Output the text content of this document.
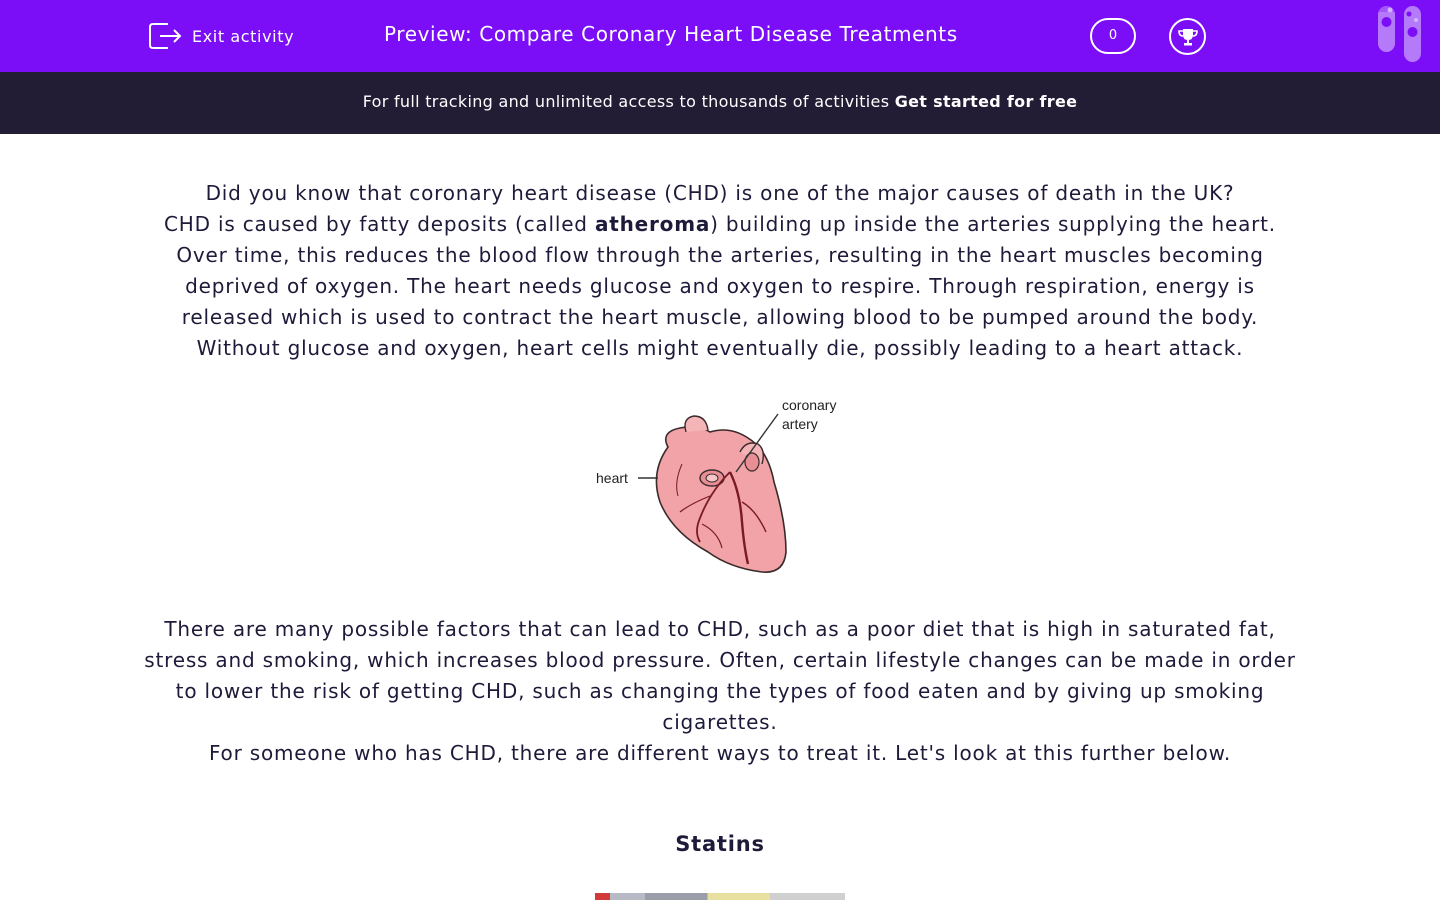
Exit activity	Preview: Compare Coronary Heart Disease Treatments	0
For full tracking and unlimited access to thousands of activities Get started for free

Did you know that coronary heart disease (CHD) is one of the major causes of death in the UK?

CHD is caused by fatty deposits (called atheroma) building up inside the arteries supplying the heart. Over time, this reduces the blood flow through the arteries, resulting in the heart muscles becoming deprived of oxygen. The heart needs glucose and oxygen to respire. Through respiration, energy is released which is used to contract the heart muscle, allowing blood to be pumped around the body. Without glucose and oxygen, heart cells might eventually die, possibly leading to a heart attack.

heart
coronary
artery

There are many possible factors that can lead to CHD, such as a poor diet that is high in saturated fat, stress and smoking, which increases blood pressure. Often, certain lifestyle changes can be made in order to lower the risk of getting CHD, such as changing the types of food eaten and by giving up smoking cigarettes.

For someone who has CHD, there are different ways to treat it. Let's look at this further below.

Statins
